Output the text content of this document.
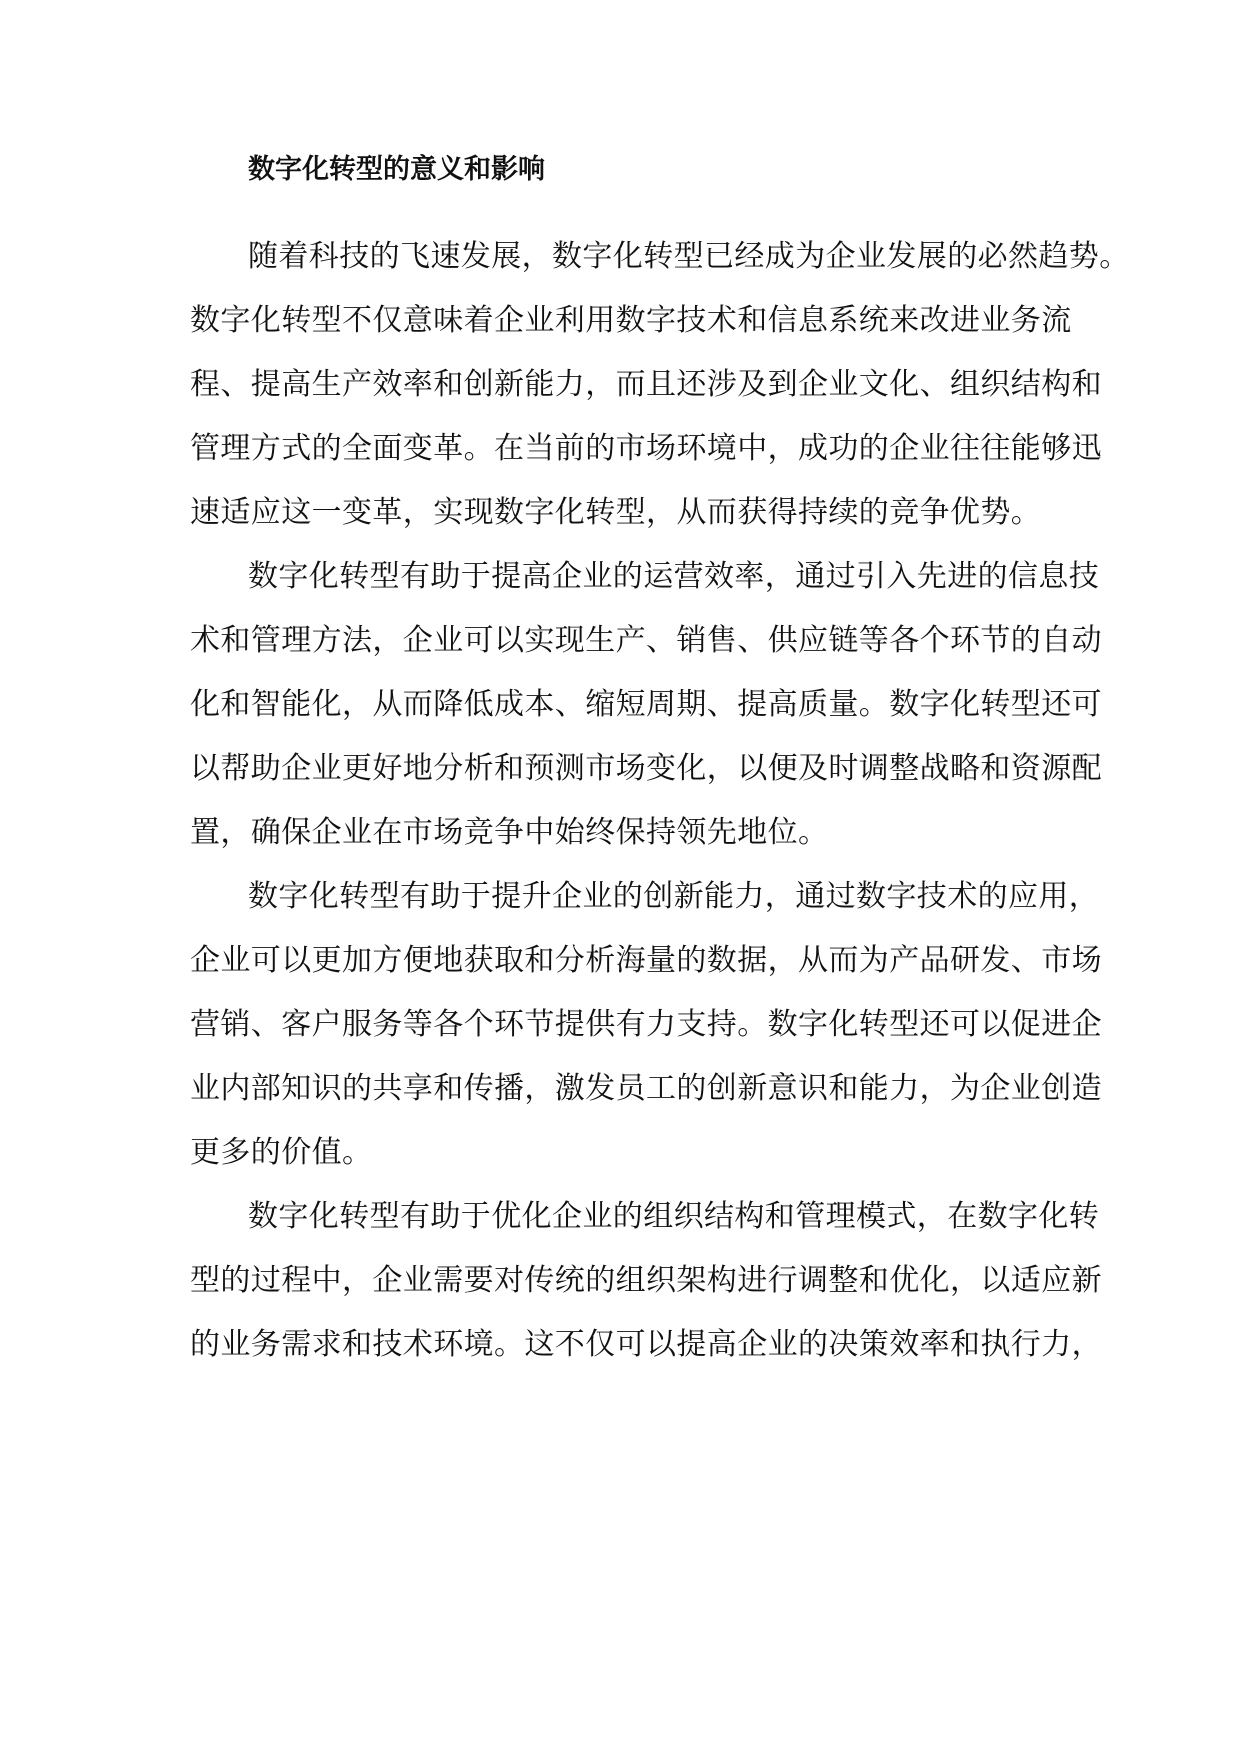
数字化转型的意义和影响
随着科技的飞速发展，数字化转型已经成为企业发展的必然趋势。
数字化转型不仅意味着企业利用数字技术和信息系统来改进业务流
程、提高生产效率和创新能力，而且还涉及到企业文化、组织结构和
管理方式的全面变革。在当前的市场环境中，成功的企业往往能够迅
速适应这一变革，实现数字化转型，从而获得持续的竞争优势。
数字化转型有助于提高企业的运营效率，通过引入先进的信息技
术和管理方法，企业可以实现生产、销售、供应链等各个环节的自动
化和智能化，从而降低成本、缩短周期、提高质量。数字化转型还可
以帮助企业更好地分析和预测市场变化，以便及时调整战略和资源配
置，确保企业在市场竞争中始终保持领先地位。
数字化转型有助于提升企业的创新能力，通过数字技术的应用，
企业可以更加方便地获取和分析海量的数据，从而为产品研发、市场
营销、客户服务等各个环节提供有力支持。数字化转型还可以促进企
业内部知识的共享和传播，激发员工的创新意识和能力，为企业创造
更多的价值。
数字化转型有助于优化企业的组织结构和管理模式，在数字化转
型的过程中，企业需要对传统的组织架构进行调整和优化，以适应新
的业务需求和技术环境。这不仅可以提高企业的决策效率和执行力，
